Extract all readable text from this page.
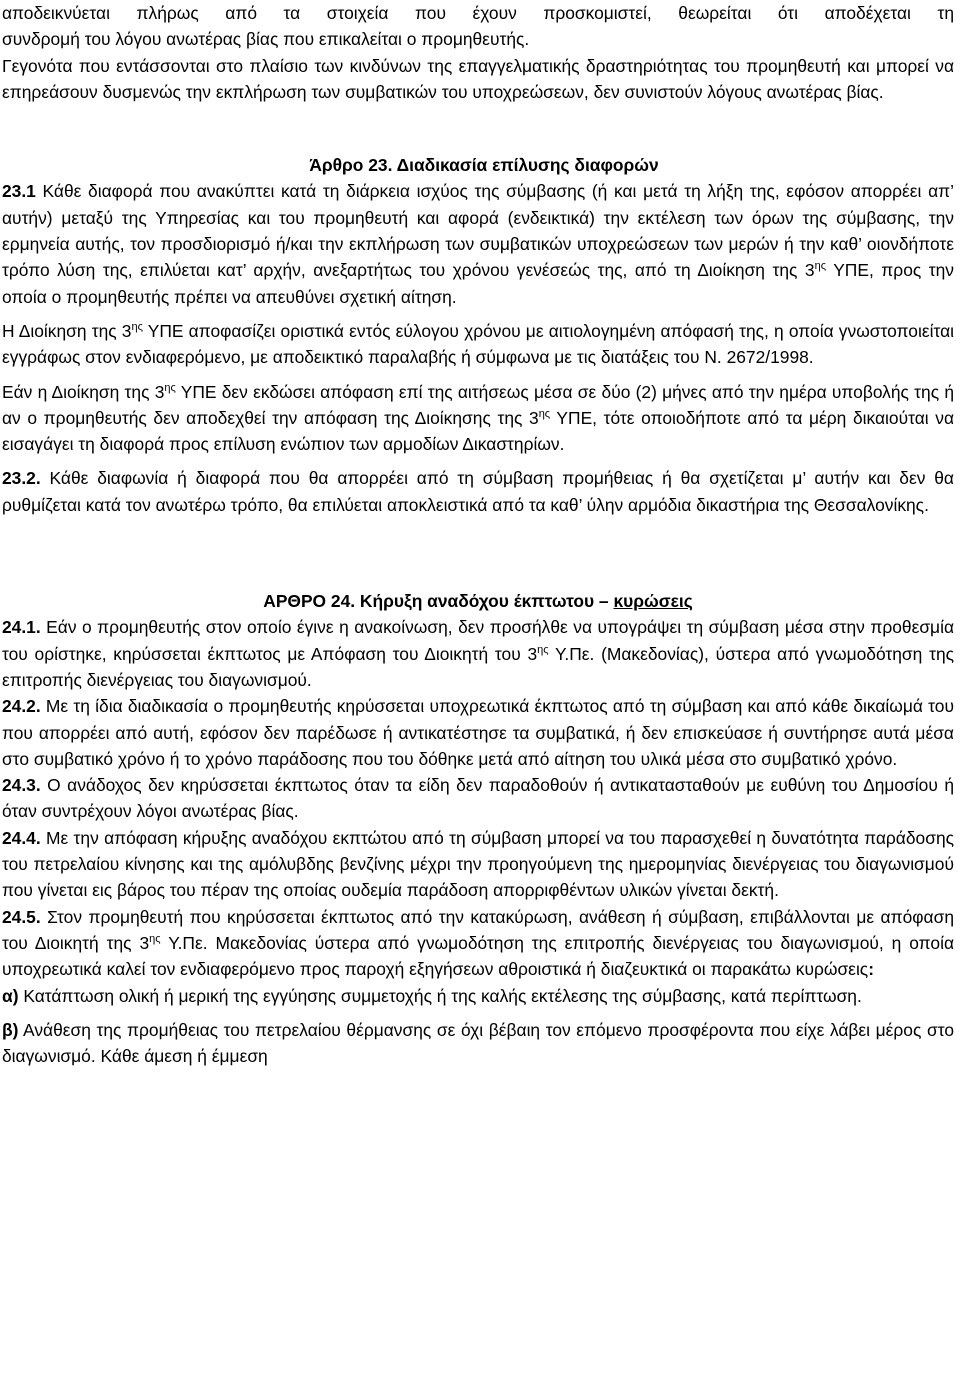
αποδεικνύεται πλήρως από τα στοιχεία που έχουν προσκομιστεί, θεωρείται ότι αποδέχεται τη
συνδρομή του λόγου ανωτέρας βίας που επικαλείται ο προμηθευτής.

Γεγονότα που εντάσσονται στο πλαίσιο των κινδύνων της επαγγελματικής δραστηριότητας του προμηθευτή και μπορεί να επηρεάσουν δυσμενώς την εκπλήρωση των συμβατικών του υποχρεώσεων, δεν συνιστούν λόγους ανωτέρας βίας.

Άρθρο 23. Διαδικασία επίλυσης διαφορών

23.1 Κάθε διαφορά που ανακύπτει κατά τη διάρκεια ισχύος της σύμβασης (ή και μετά τη λήξη της, εφόσον απορρέει απ’ αυτήν) μεταξύ της Υπηρεσίας και του προμηθευτή και αφορά (ενδεικτικά) την εκτέλεση των όρων της σύμβασης, την ερμηνεία αυτής, τον προσδιορισμό ή/και την εκπλήρωση των συμβατικών υποχρεώσεων των μερών ή την καθ’ οιονδήποτε τρόπο λύση της, επιλύεται κατ’ αρχήν, ανεξαρτήτως του χρόνου γενέσεώς της, από τη Διοίκηση της $3^{\eta\varsigma}$ ΥΠΕ, προς την οποία ο προμηθευτής πρέπει να απευθύνει σχετική αίτηση.

Η Διοίκηση της $3^{\eta\varsigma}$ ΥΠΕ αποφασίζει οριστικά εντός εύλογου χρόνου με αιτιολογημένη απόφασή της, η οποία γνωστοποιείται εγγράφως στον ενδιαφερόμενο, με αποδεικτικό παραλαβής ή σύμφωνα με τις διατάξεις του Ν. 2672/1998.

Εάν η Διοίκηση της $3^{\eta\varsigma}$ ΥΠΕ δεν εκδώσει απόφαση επί της αιτήσεως μέσα σε δύο (2) μήνες από την ημέρα υποβολής της ή αν ο προμηθευτής δεν αποδεχθεί την απόφαση της Διοίκησης της $3^{\eta\varsigma}$ ΥΠΕ, τότε οποιοδήποτε από τα μέρη δικαιούται να εισαγάγει τη διαφορά προς επίλυση ενώπιον των αρμοδίων Δικαστηρίων.

23.2. Κάθε διαφωνία ή διαφορά που θα απορρέει από τη σύμβαση προμήθειας ή θα σχετίζεται μ’ αυτήν και δεν θα ρυθμίζεται κατά τον ανωτέρω τρόπο, θα επιλύεται αποκλειστικά από τα καθ’ ύλην αρμόδια δικαστήρια της Θεσσαλονίκης.

ΑΡΘΡΟ 24. Κήρυξη αναδόχου έκπτωτου – κυρώσεις

24.1. Εάν ο προμηθευτής στον οποίο έγινε η ανακοίνωση, δεν προσήλθε να υπογράψει τη σύμβαση μέσα στην προθεσμία του ορίστηκε, κηρύσσεται έκπτωτος με Απόφαση του Διοικητή του $3^{\eta\varsigma}$ Υ.Πε. (Μακεδονίας), ύστερα από γνωμοδότηση της επιτροπής διενέργειας του διαγωνισμού.

24.2. Με τη ίδια διαδικασία ο προμηθευτής κηρύσσεται υποχρεωτικά έκπτωτος από τη σύμβαση και από κάθε δικαίωμά του που απορρέει από αυτή, εφόσον δεν παρέδωσε ή αντικατέστησε τα συμβατικά, ή δεν επισκεύασε ή συντήρησε αυτά μέσα στο συμβατικό χρόνο ή το χρόνο παράδοσης που του δόθηκε μετά από αίτηση του υλικά μέσα στο συμβατικό χρόνο.

24.3. Ο ανάδοχος δεν κηρύσσεται έκπτωτος όταν τα είδη δεν παραδοθούν ή αντικατασταθούν με ευθύνη του Δημοσίου ή όταν συντρέχουν λόγοι ανωτέρας βίας.

24.4. Με την απόφαση κήρυξης αναδόχου εκπτώτου από τη σύμβαση μπορεί να του παρασχεθεί η δυνατότητα παράδοσης του πετρελαίου κίνησης και της αμόλυβδης βενζίνης μέχρι την προηγούμενη της ημερομηνίας διενέργειας του διαγωνισμού που γίνεται εις βάρος του πέραν της οποίας ουδεμία παράδοση απορριφθέντων υλικών γίνεται δεκτή.

24.5. Στον προμηθευτή που κηρύσσεται έκπτωτος από την κατακύρωση, ανάθεση ή σύμβαση, επιβάλλονται με απόφαση του Διοικητή της $3^{\eta\varsigma}$ Υ.Πε. Μακεδονίας ύστερα από γνωμοδότηση της επιτροπής διενέργειας του διαγωνισμού, η οποία υποχρεωτικά καλεί τον ενδιαφερόμενο προς παροχή εξηγήσεων αθροιστικά ή διαζευκτικά οι παρακάτω κυρώσεις:

α) Κατάπτωση ολική ή μερική της εγγύησης συμμετοχής ή της καλής εκτέλεσης της σύμβασης, κατά περίπτωση.

β) Ανάθεση της προμήθειας του πετρελαίου θέρμανσης σε όχι βέβαιη τον επόμενο προσφέροντα που είχε λάβει μέρος στο διαγωνισμό. Κάθε άμεση ή έμμεση
